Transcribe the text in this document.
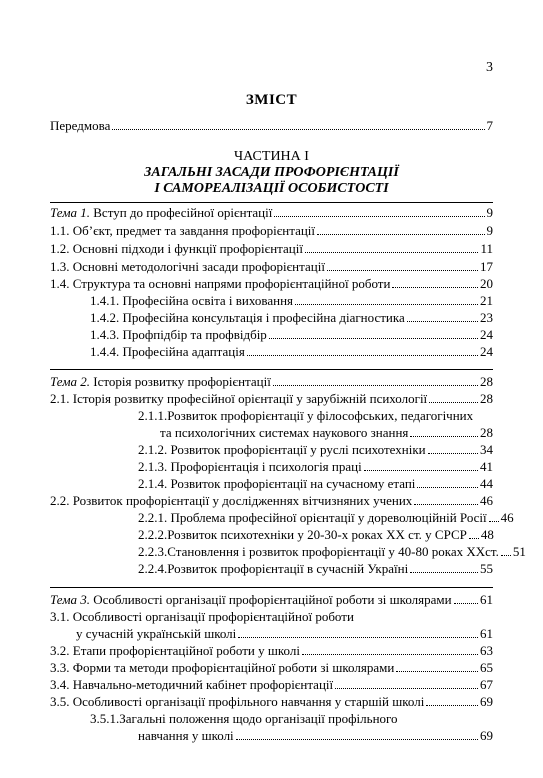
3
ЗМІСТ
Передмова	7
ЧАСТИНА І
ЗАГАЛЬНІ ЗАСАДИ ПРОФОРІЄНТАЦІЇ
І САМОРЕАЛІЗАЦІЇ ОСОБИСТОСТІ
Тема 1. Вступ до професійної орієнтації	9
1.1. Об’єкт, предмет та завдання профорієнтації	9
1.2. Основні підходи і функції профорієнтації	11
1.3. Основні методологічні засади профорієнтації	17
1.4. Структура та основні напрями профорієнтаційної роботи	20
1.4.1. Професійна освіта і виховання	21
1.4.2. Професійна консультація і професійна діагностика	23
1.4.3. Профпідбір та профвідбір	24
1.4.4. Професійна адаптація	24
Тема 2. Історія розвитку профорієнтації	28
2.1. Історія розвитку професійної орієнтації у зарубіжній психології	28
2.1.1.Розвиток профорієнтації у філософських, педагогічних
та психологічних системах наукового знання	28
2.1.2. Розвиток профорієнтації у руслі психотехніки	34
2.1.3. Профорієнтація і психологія праці	41
2.1.4. Розвиток профорієнтації на сучасному етапі	44
2.2. Розвиток профорієнтації у дослідженнях вітчизняних учених	46
2.2.1. Проблема професійної орієнтації у дореволюційній Росії 46
2.2.2.Розвиток психотехніки у 20-30-х роках ХХ ст. у СРСР 48
2.2.3.Становлення і розвиток профорієнтації у 40-80 роках ХХст. 51
2.2.4.Розвиток профорієнтації в сучасній Україні	55
Тема 3. Особливості організації профорієнтаційної роботи зі школярами 61
3.1. Особливості організації профорієнтаційної роботи
у сучасній українській школі	61
3.2. Етапи профорієнтаційної роботи у школі	63
3.3. Форми та методи профорієнтаційної роботи зі школярами	65
3.4. Навчально-методичний кабінет профорієнтації	67
3.5. Особливості організації профільного навчання у старшій школі	69
3.5.1.Загальні положення щодо організації профільного
навчання у школі	69
